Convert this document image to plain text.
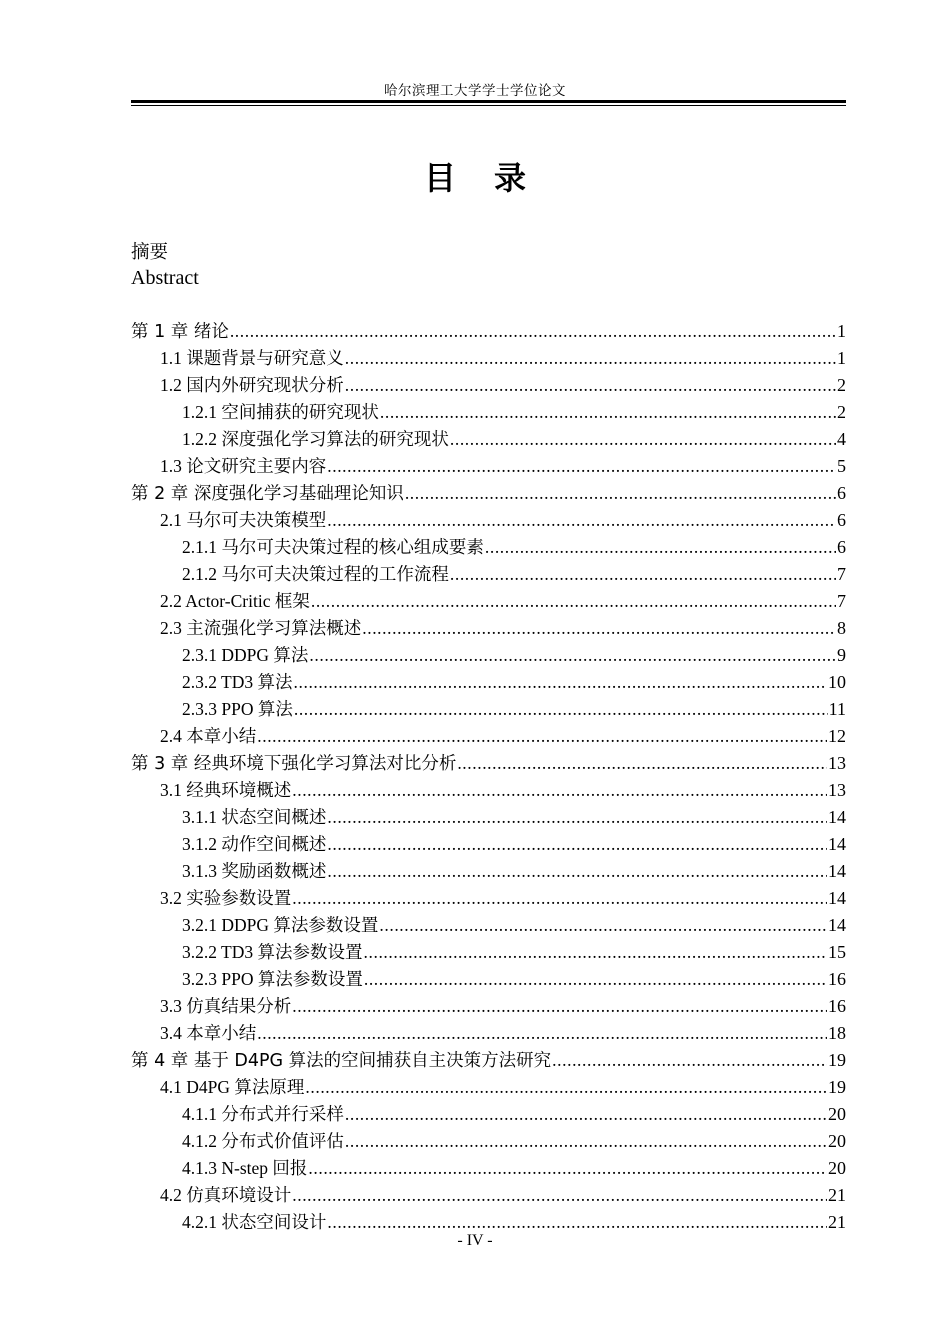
哈尔滨理工大学学士学位论文
目 录
摘要
Abstract
第 1 章 绪论 .....	1
1.1 课题背景与研究意义 .....	1
1.2 国内外研究现状分析 .....	2
1.2.1 空间捕获的研究现状 .....	2
1.2.2 深度强化学习算法的研究现状 .....	4
1.3 论文研究主要内容 .....	5
第 2 章 深度强化学习基础理论知识 .....	6
2.1 马尔可夫决策模型 .....	6
2.1.1 马尔可夫决策过程的核心组成要素 .....	6
2.1.2 马尔可夫决策过程的工作流程 .....	7
2.2 Actor-Critic 框架 .....	7
2.3 主流强化学习算法概述 .....	8
2.3.1 DDPG 算法 .....	9
2.3.2 TD3 算法 .....	10
2.3.3 PPO 算法 .....	11
2.4 本章小结 .....	12
第 3 章 经典环境下强化学习算法对比分析 .....	13
3.1 经典环境概述 .....	13
3.1.1 状态空间概述 .....	14
3.1.2 动作空间概述 .....	14
3.1.3 奖励函数概述 .....	14
3.2 实验参数设置 .....	14
3.2.1 DDPG 算法参数设置 .....	14
3.2.2 TD3 算法参数设置 .....	15
3.2.3 PPO 算法参数设置 .....	16
3.3 仿真结果分析 .....	16
3.4 本章小结 .....	18
第 4 章 基于 D4PG 算法的空间捕获自主决策方法研究 .....	19
4.1 D4PG 算法原理 .....	19
4.1.1 分布式并行采样 .....	20
4.1.2 分布式价值评估 .....	20
4.1.3 N-step 回报 .....	20
4.2 仿真环境设计 .....	21
4.2.1 状态空间设计 .....	21
- IV -
